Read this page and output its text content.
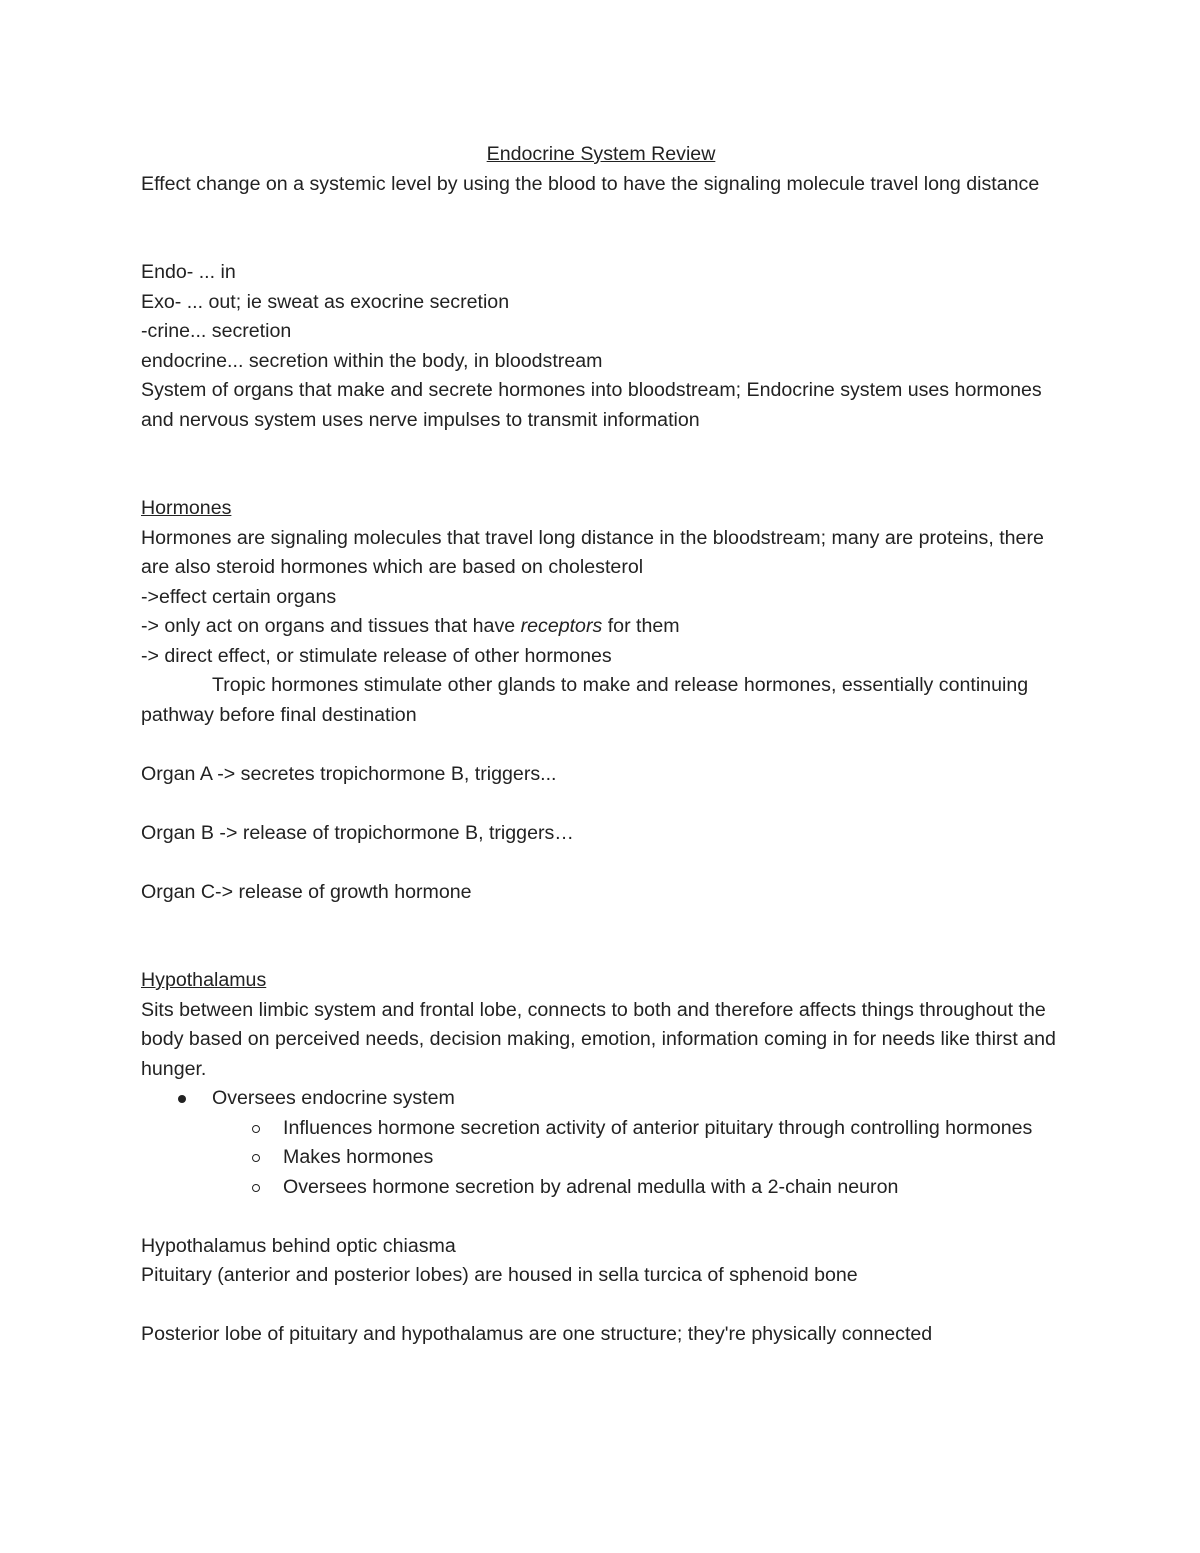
Endocrine System Review

Effect change on a systemic level by using the blood to have the signaling molecule travel long distance

Endo- ... in

Exo- ... out; ie sweat as exocrine secretion

-crine... secretion

endocrine... secretion within the body, in bloodstream

System of organs that make and secrete hormones into bloodstream; Endocrine system uses hormones and nervous system uses nerve impulses to transmit information

Hormones

Hormones are signaling molecules that travel long distance in the bloodstream; many are proteins, there are also steroid hormones which are based on cholesterol

->effect certain organs

-> only act on organs and tissues that have receptors for them

-> direct effect, or stimulate release of other hormones

Tropic hormones stimulate other glands to make and release hormones, essentially continuing pathway before final destination

Organ A -> secretes tropichormone B, triggers...

Organ B -> release of tropichormone B, triggers…

Organ C-> release of growth hormone

Hypothalamus

Sits between limbic system and frontal lobe, connects to both and therefore affects things throughout the body based on perceived needs, decision making, emotion, information coming in for needs like thirst and hunger.

Oversees endocrine system
Influences hormone secretion activity of anterior pituitary through controlling hormones
Makes hormones
Oversees hormone secretion by adrenal medulla with a 2-chain neuron

Hypothalamus behind optic chiasma

Pituitary (anterior and posterior lobes) are housed in sella turcica of sphenoid bone

Posterior lobe of pituitary and hypothalamus are one structure; they're physically connected
